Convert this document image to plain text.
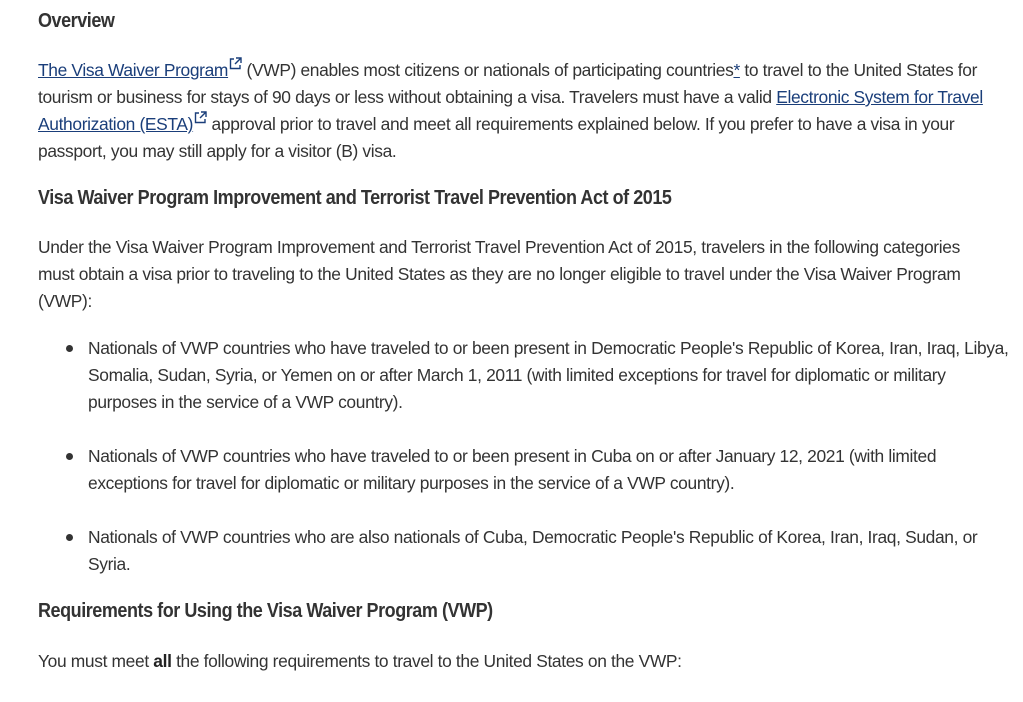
Overview

The Visa Waiver Program
(VWP) enables most citizens or nationals of participating countries* to travel to the United States for tourism or business for stays of 90 days or less without obtaining a visa. Travelers must have a valid Electronic System for Travel Authorization (ESTA)
approval prior to travel and meet all requirements explained below. If you prefer to have a visa in your passport, you may still apply for a visitor (B) visa.

Visa Waiver Program Improvement and Terrorist Travel Prevention Act of 2015

Under the Visa Waiver Program Improvement and Terrorist Travel Prevention Act of 2015, travelers in the following categories must obtain a visa prior to traveling to the United States as they are no longer eligible to travel under the Visa Waiver Program (VWP):

Nationals of VWP countries who have traveled to or been present in Democratic People's Republic of Korea, Iran, Iraq, Libya, Somalia, Sudan, Syria, or Yemen on or after March 1, 2011 (with limited exceptions for travel for diplomatic or military purposes in the service of a VWP country).

Nationals of VWP countries who have traveled to or been present in Cuba on or after January 12, 2021 (with limited exceptions for travel for diplomatic or military purposes in the service of a VWP country).

Nationals of VWP countries who are also nationals of Cuba, Democratic People's Republic of Korea, Iran, Iraq, Sudan, or Syria.

Requirements for Using the Visa Waiver Program (VWP)

You must meet all the following requirements to travel to the United States on the VWP:
